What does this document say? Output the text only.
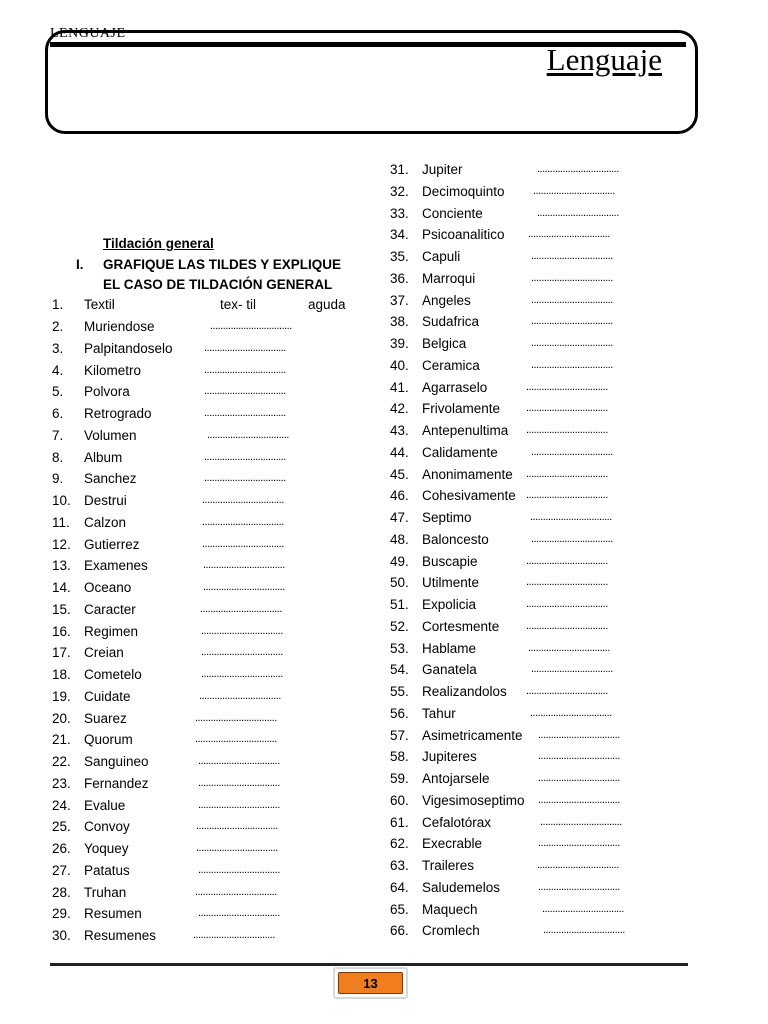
LENGUAJE
Lenguaje
Tildación general
I. GRAFIQUE LAS TILDES Y EXPLIQUE
EL CASO DE TILDACIÓN GENERAL
1.	Textil	tex- til	aguda
2.	Muriendose	................................
3.	Palpitandoselo	................................
4.	Kilometro	................................
5.	Polvora	................................
6.	Retrogrado	................................
7.	Volumen	................................
8.	Album	................................
9.	Sanchez	................................
10. Destrui	................................
11.	Calzon	................................
12. Gutierrez	................................
13. Examenes	................................
14. Oceano	................................
15. Caracter	................................
16. Regimen	................................
17. Creian	................................
18. Cometelo	................................
19. Cuidate	................................
20. Suarez	................................
21. Quorum	................................
22. Sanguineo	................................
23. Fernandez	................................
24. Evalue	................................
25. Convoy	................................
26. Yoquey	................................
27. Patatus	................................
28. Truhan	................................
29. Resumen	................................
30. Resumenes	................................
31. Jupiter	................................
32. Decimoquinto	................................
33. Conciente	................................
34. Psicoanalitico ................................
35. Capuli	................................
36. Marroqui	................................
37. Angeles	................................
38. Sudafrica	................................
39. Belgica	................................
40. Ceramica	................................
41. Agarraselo	................................
42. Frivolamente ................................
43. Antepenultima ................................
44. Calidamente	................................
45. Anonimamente ................................
46. Cohesivamente ................................
47. Septimo	................................
48. Baloncesto	................................
49. Buscapie	................................
50. Utilmente	................................
51. Expolicia	................................
52. Cortesmente ................................
53. Hablame	................................
54. Ganatela	................................
55. Realizandolos ................................
56. Tahur	................................
57. Asimetricamente ................................
58. Jupiteres	................................
59. Antojarsele	................................
60. Vigesimoseptimo ................................
61. Cefalotórax	................................
62. Execrable	................................
63. Traileres	................................
64. Saludemelos	................................
65. Maquech	................................
66. Cromlech	................................
13
